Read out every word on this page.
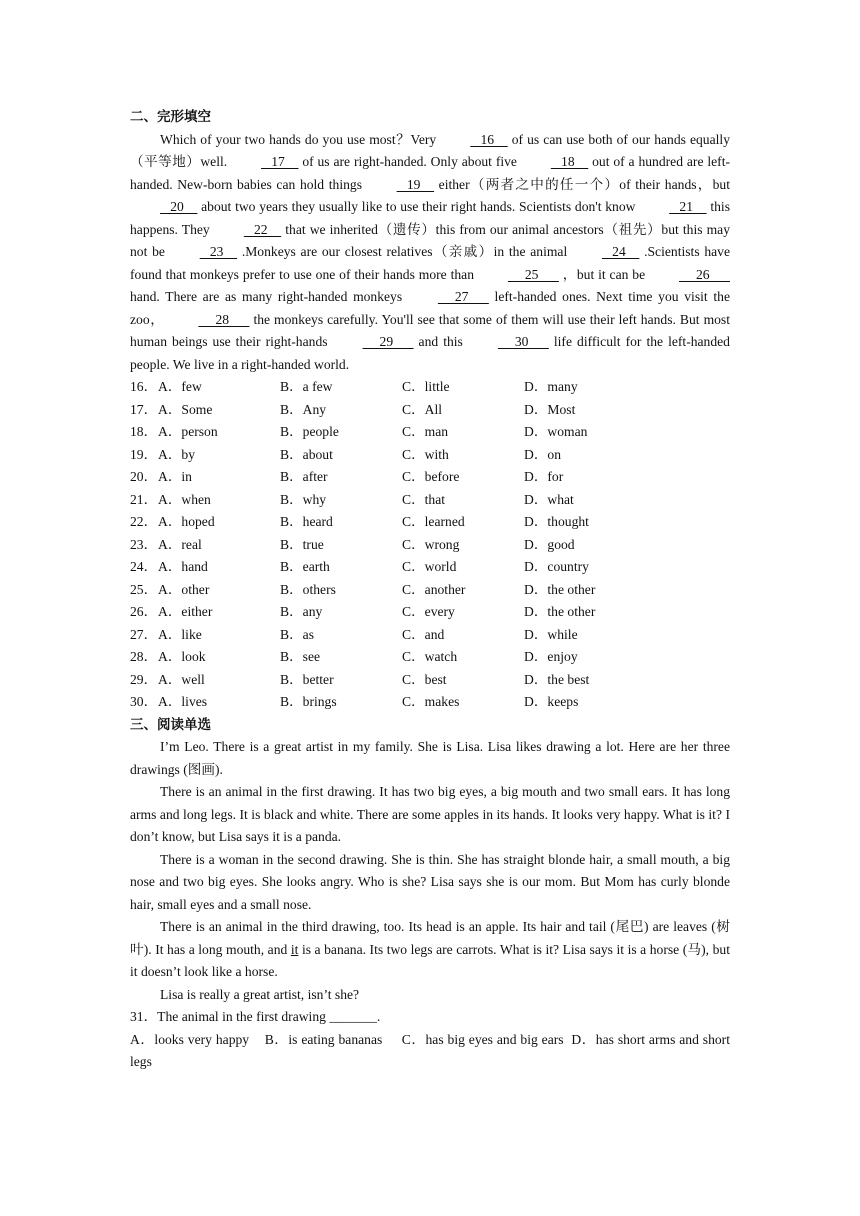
二、完形填空

Which of your two hands do you use most？Very    16     of us can use both of our hands equally（平等地）well.    17     of us are right-handed. Only about five    18     out of a hundred are left-handed. New-born babies can hold things    19     either（两者之中的任一个）of their hands，but    20     about two years they usually like to use their right hands. Scientists don't know    21     this happens. They    22     that we inherited（遗传）this from our animal ancestors（祖先）but this may not be    23     .Monkeys are our closest relatives（亲戚）in the animal    24     .Scientists have found that monkeys prefer to use one of their hands more than      25       ，but it can be      26       hand. There are as many right-handed monkeys      27       left-handed ones. Next time you visit the zoo，      28       the monkeys carefully. You'll see that some of them will use their left hands. But most human beings use their right-hands      29       and this      30       life difficult for the left-handed people. We live in a right-handed world.

16． A．few	B．a few	C．little	D．many
17． A．Some	B．Any	C．All	D．Most
18． A．person	B．people	C．man	D．woman
19． A．by	B．about	C．with	D．on
20． A．in	B．after	C．before	D．for
21． A．when	B．why	C．that	D．what
22． A．hoped	B．heard	C．learned	D．thought
23． A．real	B．true	C．wrong	D．good
24． A．hand	B．earth	C．world	D．country
25． A．other	B．others	C．another	D．the other
26． A．either	B．any	C．every	D．the other
27． A．like	B．as	C．and	D．while
28． A．look	B．see	C．watch	D．enjoy
29． A．well	B．better	C．best	D．the best
30． A．lives	B．brings	C．makes	D．keeps
三、阅读单选

I’m Leo. There is a great artist in my family. She is Lisa. Lisa likes drawing a lot. Here are her three drawings (图画).

There is an animal in the first drawing. It has two big eyes, a big mouth and two small ears. It has long arms and long legs. It is black and white. There are some apples in its hands. It looks very happy. What is it? I don’t know, but Lisa says it is a panda.

There is a woman in the second drawing. She is thin. She has straight blonde hair, a small mouth, a big nose and two big eyes. She looks angry. Who is she? Lisa says she is our mom. But Mom has curly blonde hair, small eyes and a small nose.

There is an animal in the third drawing, too. Its head is an apple. Its hair and tail (尾巴) are leaves (树叶). It has a long mouth, and it is a banana. Its two legs are carrots. What is it? Lisa says it is a horse (马), but it doesn’t look like a horse.

Lisa is really a great artist, isn’t she?

31．The animal in the first drawing _______.

A．looks very happy    B．is eating bananas     C．has big eyes and big ears  D．has short arms and short legs
